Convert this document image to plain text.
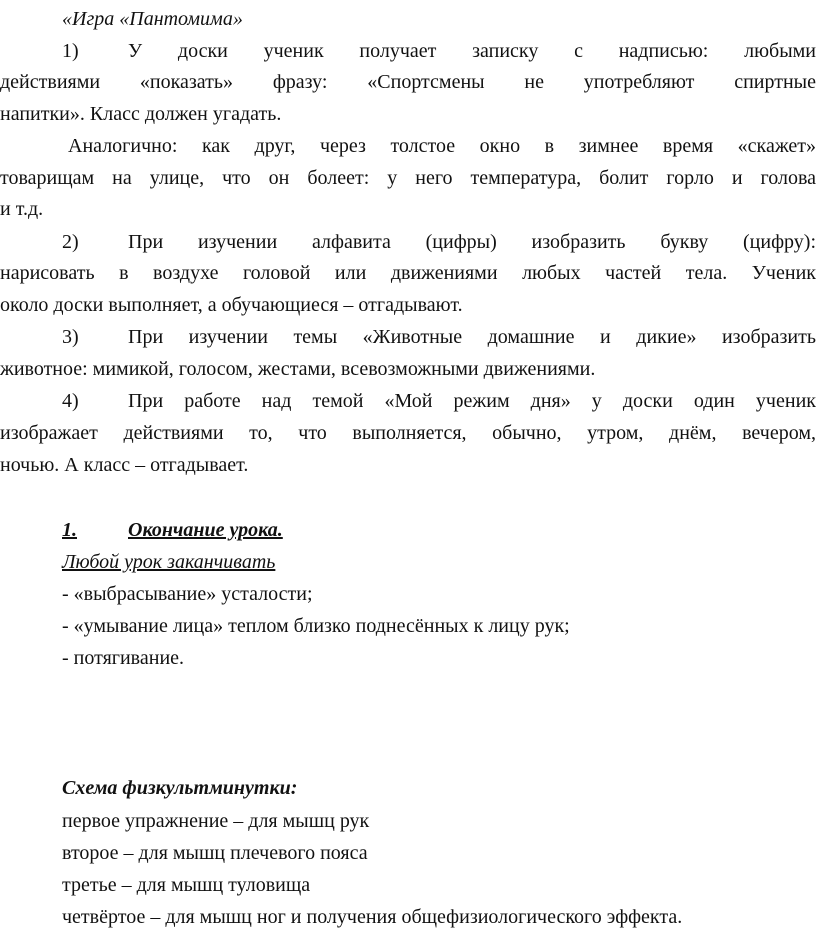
«Игра «Пантомима»
1) У доски ученик получает записку с надписью: любыми
действиями «показать» фразу: «Спортсмены не употребляют спиртные
напитки». Класс должен угадать.
Аналогично: как друг, через толстое окно в зимнее время «скажет»
товарищам на улице, что он болеет: у него температура, болит горло и голова
и т.д.
2) При изучении алфавита (цифры) изобразить букву (цифру):
нарисовать в воздухе головой или движениями любых частей тела. Ученик
около доски выполняет, а обучающиеся – отгадывают.
3) При изучении темы «Животные домашние и дикие» изобразить
животное: мимикой, голосом, жестами, всевозможными движениями.
4) При работе над темой «Мой режим дня» у доски один ученик
изображает действиями то, что выполняется, обычно, утром, днём, вечером,
ночью. А класс – отгадывает.
1.	Окончание урока.
Любой урок заканчивать
- «выбрасывание» усталости;
- «умывание лица» теплом близко поднесённых к лицу рук;
- потягивание.
Схема физкультминутки:
первое упражнение – для мышц рук
второе – для мышц плечевого пояса
третье – для мышц туловища
четвёртое – для мышц ног и получения общефизиологического эффекта.
